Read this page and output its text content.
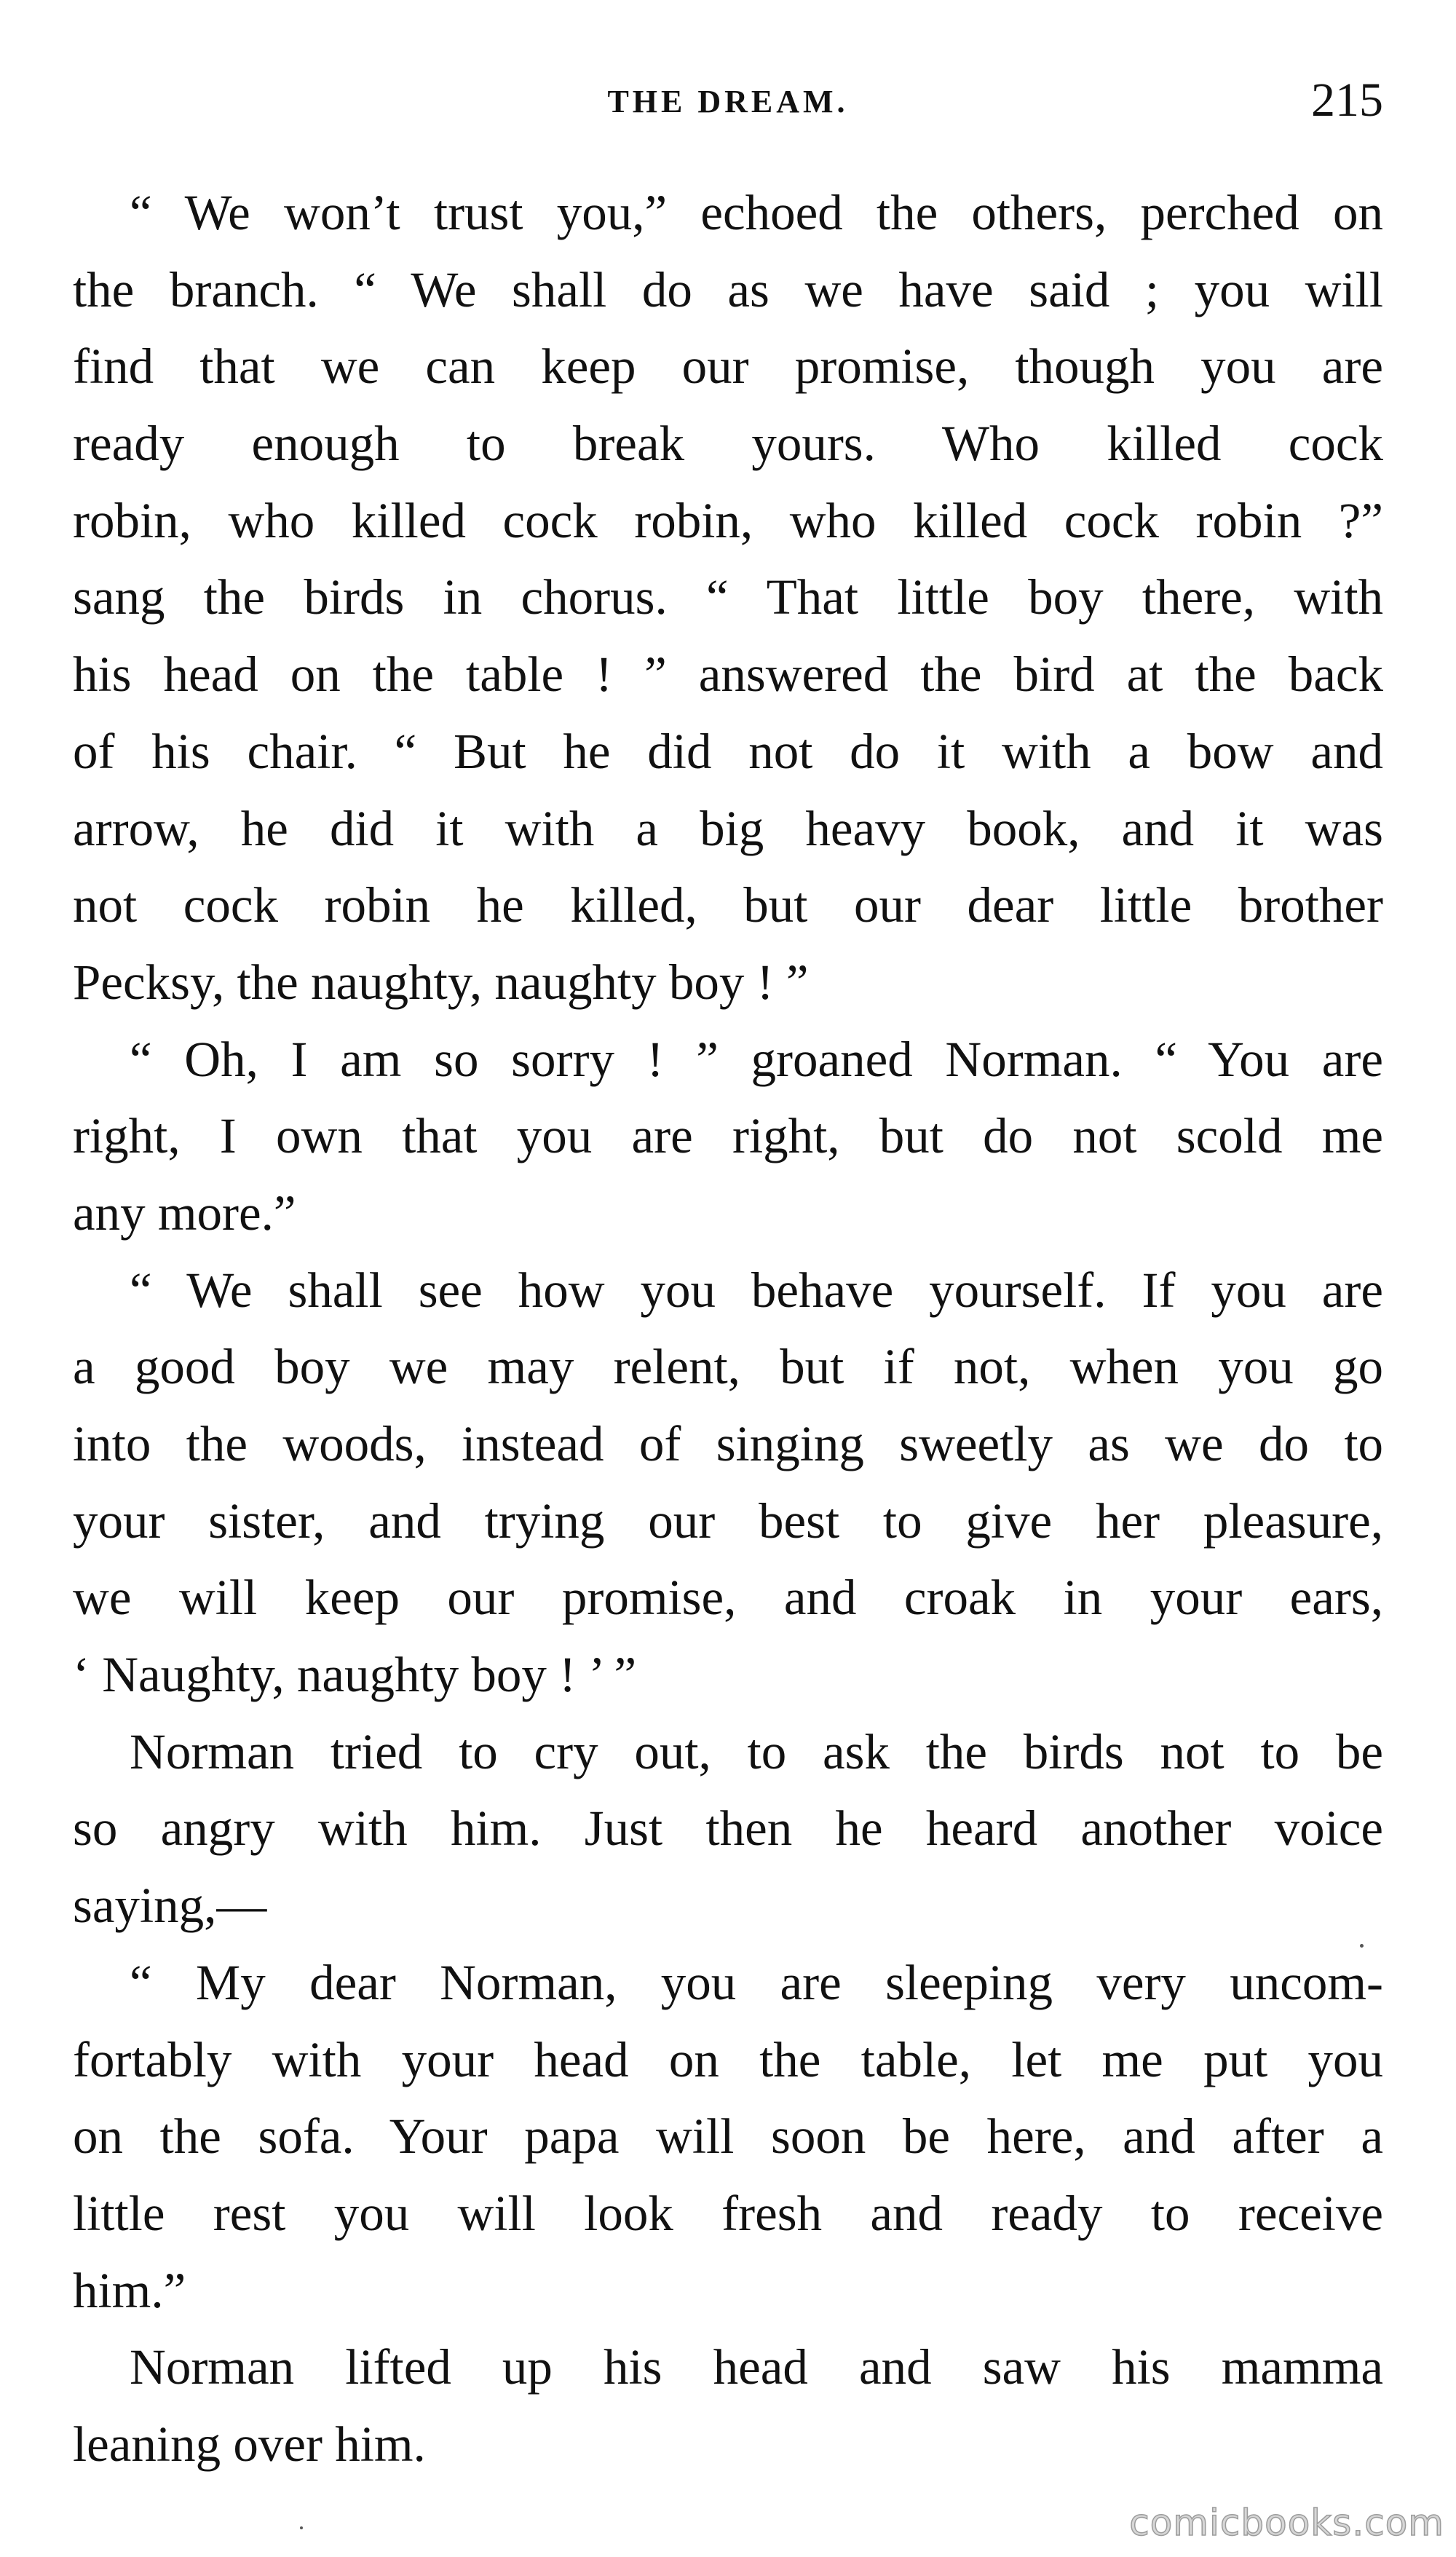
THE DREAM.	215
“ We won’t trust you,” echoed the others, perched on
the branch. “ We shall do as we have said ; you will
find that we can keep our promise, though you are
ready enough to break yours. Who killed cock
robin, who killed cock robin, who killed cock robin ?”
sang the birds in chorus. “ That little boy there, with
his head on the table ! ” answered the bird at the back
of his chair. “ But he did not do it with a bow and
arrow, he did it with a big heavy book, and it was
not cock robin he killed, but our dear little brother
Pecksy, the naughty, naughty boy ! ”
“ Oh, I am so sorry ! ” groaned Norman. “ You are
right, I own that you are right, but do not scold me
any more.”
“ We shall see how you behave yourself. If you are
a good boy we may relent, but if not, when you go
into the woods, instead of singing sweetly as we do to
your sister, and trying our best to give her pleasure,
we will keep our promise, and croak in your ears,
‘ Naughty, naughty boy ! ’ ”
Norman tried to cry out, to ask the birds not to be
so angry with him. Just then he heard another voice
saying,—
“ My dear Norman, you are sleeping very uncom-
fortably with your head on the table, let me put you
on the sofa. Your papa will soon be here, and after a
little rest you will look fresh and ready to receive
him.”
Norman lifted up his head and saw his mamma
leaning over him.
comicbooks.com
